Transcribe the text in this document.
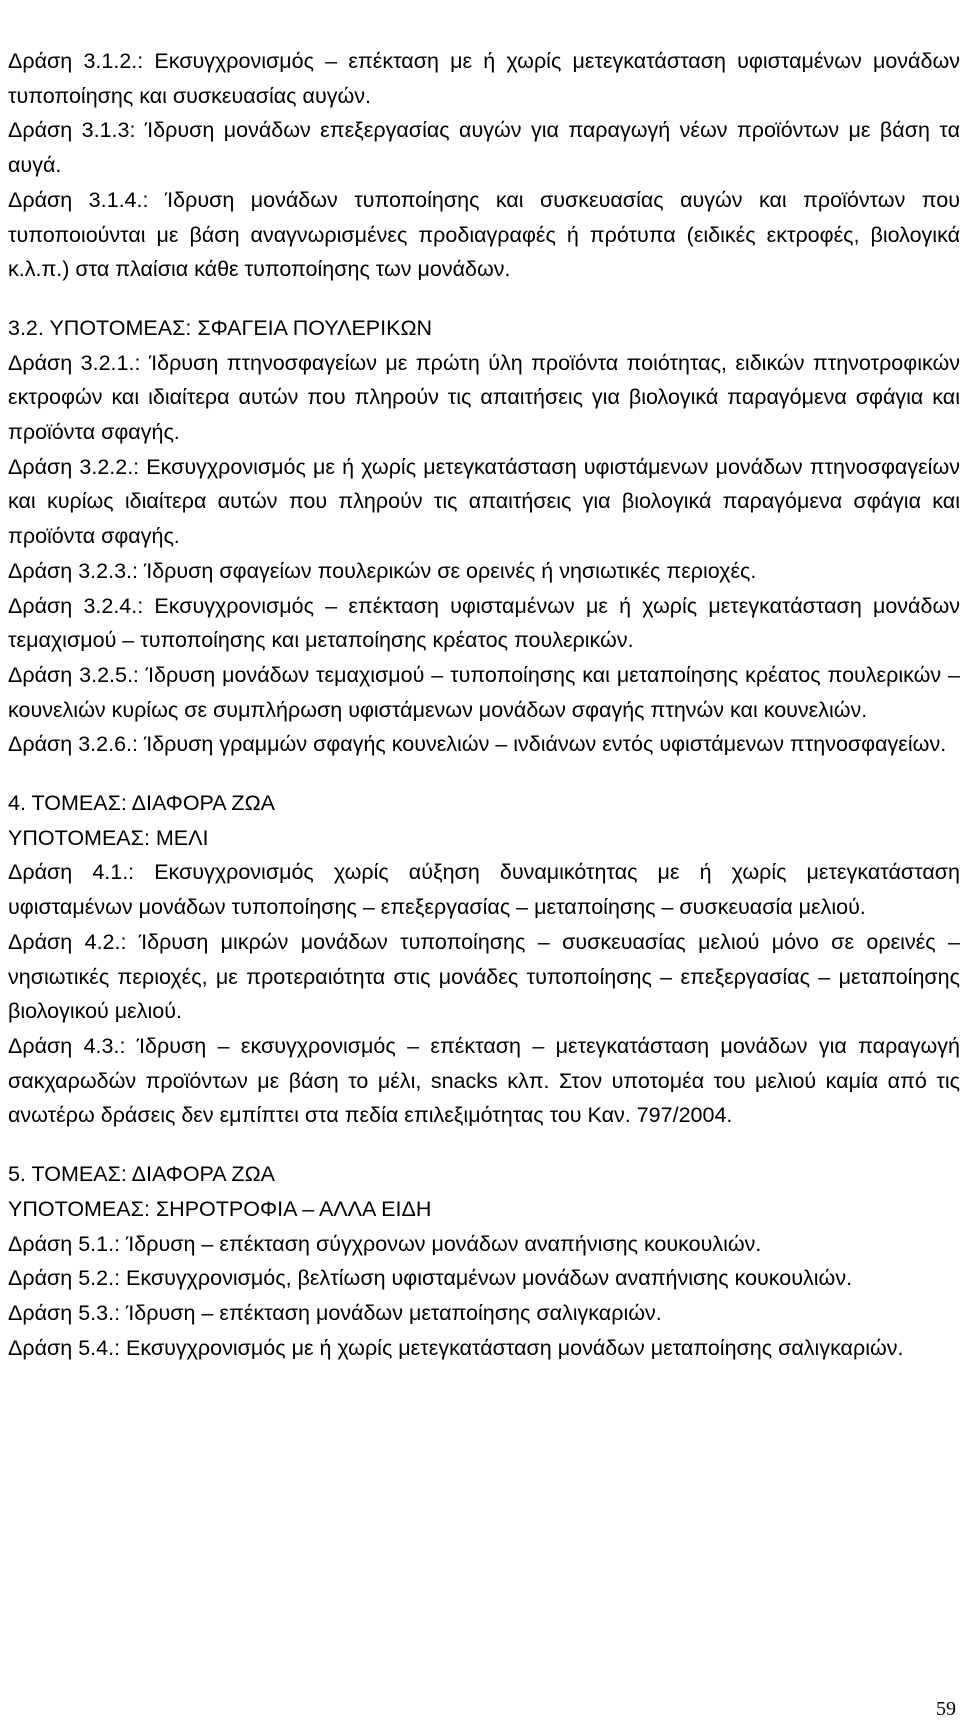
Δράση 3.1.2.: Εκσυγχρονισμός – επέκταση με ή χωρίς μετεγκατάσταση υφισταμένων μονάδων τυποποίησης και συσκευασίας αυγών.

Δράση 3.1.3: Ίδρυση μονάδων επεξεργασίας αυγών για παραγωγή νέων προϊόντων με βάση τα αυγά.

Δράση 3.1.4.: Ίδρυση μονάδων τυποποίησης και συσκευασίας αυγών και προϊόντων που τυποποιούνται με βάση αναγνωρισμένες προδιαγραφές ή πρότυπα (ειδικές εκτροφές, βιολογικά κ.λ.π.) στα πλαίσια κάθε τυποποίησης των μονάδων.

3.2. ΥΠΟΤΟΜΕΑΣ: ΣΦΑΓΕΙΑ ΠΟΥΛΕΡΙΚΩΝ

Δράση 3.2.1.: Ίδρυση πτηνοσφαγείων με πρώτη ύλη προϊόντα ποιότητας, ειδικών πτηνοτροφικών εκτροφών και ιδιαίτερα αυτών που πληρούν τις απαιτήσεις για βιολογικά παραγόμενα σφάγια και προϊόντα σφαγής.

Δράση 3.2.2.: Εκσυγχρονισμός με ή χωρίς μετεγκατάσταση υφιστάμενων μονάδων πτηνοσφαγείων και κυρίως ιδιαίτερα αυτών που πληρούν τις απαιτήσεις για βιολογικά παραγόμενα σφάγια και προϊόντα σφαγής.

Δράση 3.2.3.: Ίδρυση σφαγείων πουλερικών σε ορεινές ή νησιωτικές περιοχές.

Δράση 3.2.4.: Εκσυγχρονισμός – επέκταση υφισταμένων με ή χωρίς μετεγκατάσταση μονάδων τεμαχισμού – τυποποίησης και μεταποίησης κρέατος πουλερικών.

Δράση 3.2.5.: Ίδρυση μονάδων τεμαχισμού – τυποποίησης και μεταποίησης κρέατος πουλερικών – κουνελιών κυρίως σε συμπλήρωση υφιστάμενων μονάδων σφαγής πτηνών και κουνελιών.

Δράση 3.2.6.: Ίδρυση γραμμών σφαγής κουνελιών – ινδιάνων εντός υφιστάμενων πτηνοσφαγείων.

4. ΤΟΜΕΑΣ: ΔΙΑΦΟΡΑ ΖΩΑ

ΥΠΟΤΟΜΕΑΣ: ΜΕΛΙ

Δράση 4.1.: Εκσυγχρονισμός χωρίς αύξηση δυναμικότητας με ή χωρίς μετεγκατάσταση υφισταμένων μονάδων τυποποίησης – επεξεργασίας – μεταποίησης – συσκευασία μελιού.

Δράση 4.2.: Ίδρυση μικρών μονάδων τυποποίησης – συσκευασίας μελιού μόνο σε ορεινές – νησιωτικές περιοχές, με προτεραιότητα στις μονάδες τυποποίησης – επεξεργασίας – μεταποίησης βιολογικού μελιού.

Δράση 4.3.: Ίδρυση – εκσυγχρονισμός – επέκταση – μετεγκατάσταση μονάδων για παραγωγή σακχαρωδών προϊόντων με βάση το μέλι, snacks κλπ. Στον υποτομέα του μελιού καμία από τις ανωτέρω δράσεις δεν εμπίπτει στα πεδία επιλεξιμότητας του Καν. 797/2004.

5. ΤΟΜΕΑΣ: ΔΙΑΦΟΡΑ ΖΩΑ

ΥΠΟΤΟΜΕΑΣ: ΣΗΡΟΤΡΟΦΙΑ – ΑΛΛΑ ΕΙΔΗ

Δράση 5.1.: Ίδρυση – επέκταση σύγχρονων μονάδων αναπήνισης κουκουλιών.

Δράση 5.2.: Εκσυγχρονισμός, βελτίωση υφισταμένων μονάδων αναπήνισης κουκουλιών.

Δράση 5.3.: Ίδρυση – επέκταση μονάδων μεταποίησης σαλιγκαριών.

Δράση 5.4.: Εκσυγχρονισμός με ή χωρίς μετεγκατάσταση μονάδων μεταποίησης σαλιγκαριών.

59
